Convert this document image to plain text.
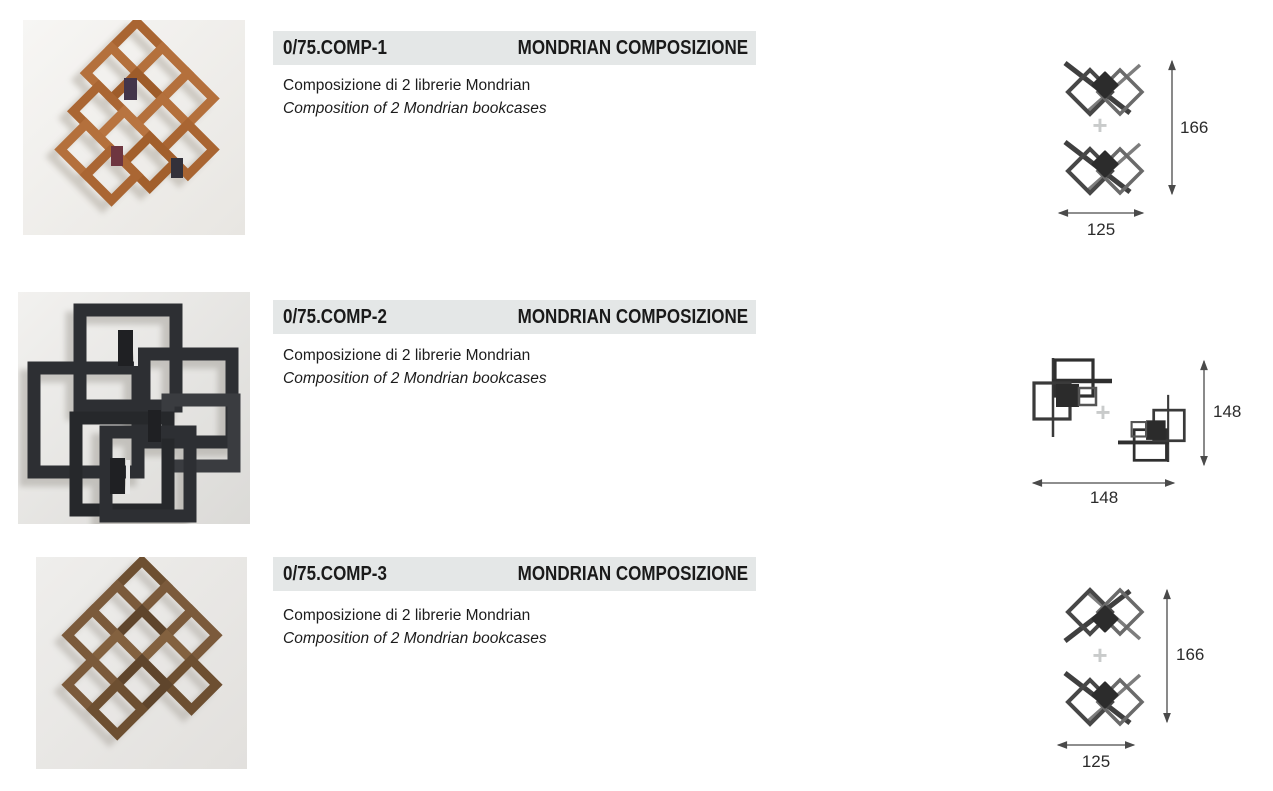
0/75.COMP-1	MONDRIAN COMPOSIZIONE
Composizione di 2 librerie Mondrian
Composition of 2 Mondrian bookcases
+	166
125
0/75.COMP-2	MONDRIAN COMPOSIZIONE
Composizione di 2 librerie Mondrian
Composition of 2 Mondrian bookcases
+	148
148
0/75.COMP-3	MONDRIAN COMPOSIZIONE
Composizione di 2 librerie Mondrian
Composition of 2 Mondrian bookcases
+	166
125
